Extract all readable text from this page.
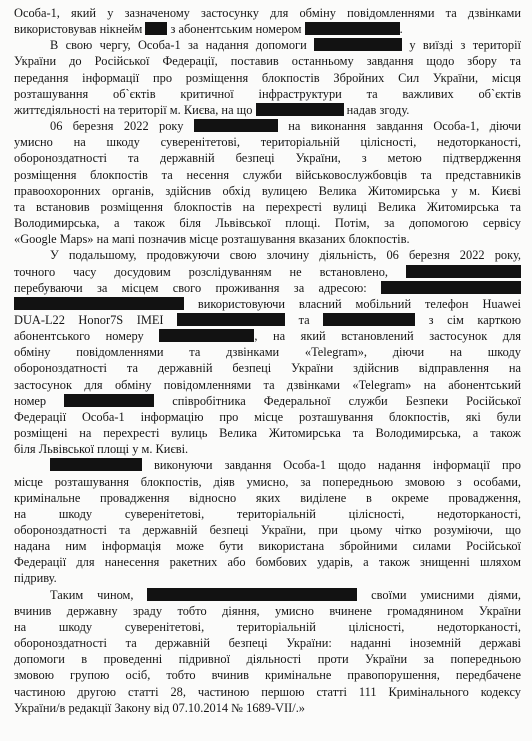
Особа-1, який у зазначеному застосунку для обміну повідомленнями та дзвінками
використовував нікнейм з абонентським номером	.
В свою чергу, Особа-1 за надання допомоги	у виїзді з території
України до Російської Федерації, поставив останньому завдання щодо збору та
передання інформації про розміщення блокпостів Збройних Сил України, місця
розташування об`єктів критичної інфраструктури та важливих об`єктів
життєдіяльності на території м. Києва, на що	надав згоду.
06 березня 2022 року	на виконання завдання Особа-1, діючи
умисно на шкоду суверенітетові, територіальній цілісності, недоторканості,
обороноздатності та державній безпеці України, з метою підтвердження
розміщення блокпостів та несення служби військовослужбовців та представників
правоохоронних органів, здійснив обхід вулицею Велика Житомирська у м. Києві
та встановив розміщення блокпостів на перехресті вулиці Велика Житомирська та
Володимирська, а також біля Львівської площі. Потім, за допомогою сервісу
«Google Maps» на мапі позначив місце розташування вказаних блокпостів.
У подальшому, продовжуючи свою злочину діяльність, 06 березня 2022 року,
точного часу досудовим розслідуванням не встановлено,
перебуваючи за місцем свого проживання за адресою:
використовуючи власний мобільний телефон Huawei
DUA-L22 Honor7S IMEI	та	з сім карткою
абонентського номеру	, на який встановлений застосунок для
обміну повідомленнями та дзвінками «Telegram», діючи на шкоду
обороноздатності та державній безпеці України здійснив відправлення на
застосунок для обміну повідомленнями та дзвінками «Telegram» на абонентський
номер	співробітника Федеральної служби Безпеки Російської
Федерації Особа-1 інформацію про місце розташування блокпостів, які були
розміщені на перехресті вулиць Велика Житомирська та Володимирська, а також
біля Львівської площі у м. Києві.
виконуючи завдання Особа-1 щодо надання інформації про
місце розташування блокпостів, діяв умисно, за попередньою змовою з особами,
кримінальне провадження відносно яких виділене в окреме провадження,
на шкоду суверенітетові, територіальній цілісності, недоторканості,
обороноздатності та державній безпеці України, при цьому чітко розуміючи, що
надана ним інформація може бути використана збройними силами Російської
Федерації для нанесення ракетних або бомбових ударів, а також знищенні шляхом
підриву.
Таким чином,	своїми умисними діями,
вчинив державну зраду тобто діяння, умисно вчинене громадянином України
на шкоду суверенітетові, територіальній цілісності, недоторканості,
обороноздатності та державній безпеці України: наданні іноземній державі
допомоги в проведенні підривної діяльності проти України за попередньою
змовою групою осіб, тобто вчинив кримінальне правопорушення, передбачене
частиною другою статті 28, частиною першою статті 111 Кримінального кодексу
України/в редакції Закону від 07.10.2014 № 1689-VII/.»
